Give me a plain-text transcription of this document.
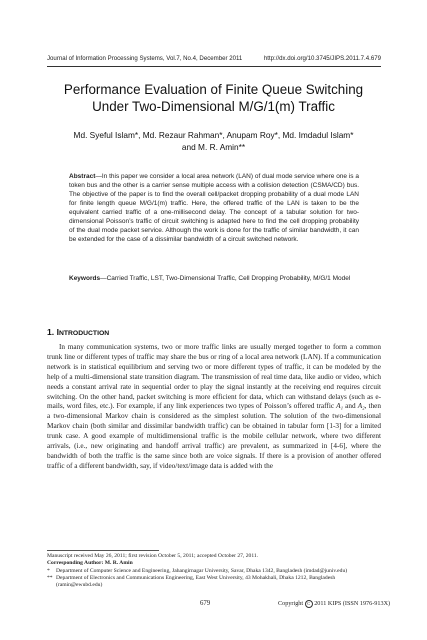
Journal of Information Processing Systems, Vol.7, No.4, December 2011	http://dx.doi.org/10.3745/JIPS.2011.7.4.679
Performance Evaluation of Finite Queue Switching
Under Two-Dimensional M/G/1(m) Traffic
Md. Syeful Islam*, Md. Rezaur Rahman*, Anupam Roy*, Md. Imdadul Islam*
and M. R. Amin**
Abstract—In this paper we consider a local area network (LAN) of dual mode service where one is a token bus and the other is a carrier sense multiple access with a collision detection (CSMA/CD) bus. The objective of the paper is to find the overall cell/packet dropping probability of a dual mode LAN for finite length queue M/G/1(m) traffic. Here, the offered traffic of the LAN is taken to be the equivalent carried traffic of a one-millisecond delay. The concept of a tabular solution for two-dimensional Poisson’s traffic of circuit switching is adapted here to find the cell dropping probability of the dual mode packet service. Although the work is done for the traffic of similar bandwidth, it can be extended for the case of a dissimilar bandwidth of a circuit switched network.
Keywords—Carried Traffic, LST, Two-Dimensional Traffic, Cell Dropping Probability, M/G/1 Model
1. INTRODUCTION
In many communication systems, two or more traffic links are usually merged together to form a common trunk line or different types of traffic may share the bus or ring of a local area network (LAN). If a communication network is in statistical equilibrium and serving two or more different types of traffic, it can be modeled by the help of a multi-dimensional state transition diagram. The transmission of real time data, like audio or video, which needs a constant arrival rate in sequential order to play the signal instantly at the receiving end requires circuit switching. On the other hand, packet switching is more efficient for data, which can withstand delays (such as e-mails, word files, etc.). For example, if any link experiences two types of Poisson’s offered traffic A₁ and A₂, then a two-dimensional Markov chain is considered as the simplest solution. The solution of the two-dimensional Markov chain (both similar and dissimilar bandwidth traffic) can be obtained in tabular form [1-3] for a limited trunk case. A good example of multidimensional traffic is the mobile cellular network, where two different arrivals, (i.e., new originating and handoff arrival traffic) are prevalent, as summarized in [4-6], where the bandwidth of both the traffic is the same since both are voice signals. If there is a provision of another offered traffic of a different bandwidth, say, if video/text/image data is added with the
Manuscript received May 26, 2011; first revision October 5, 2011; accepted October 27, 2011.
Corresponding Author: M. R. Amin
*	Department of Computer Science and Engineering, Jahangirnagar University, Savar, Dhaka 1342, Bangladesh (imdad@juniv.edu)
** Department of Electronics and Communications Engineering, East West University, 43 Mohakhali, Dhaka 1212, Bangladesh (ramin@ewubd.edu)
679	Copyright C 2011 KIPS (ISSN 1976-913X)
